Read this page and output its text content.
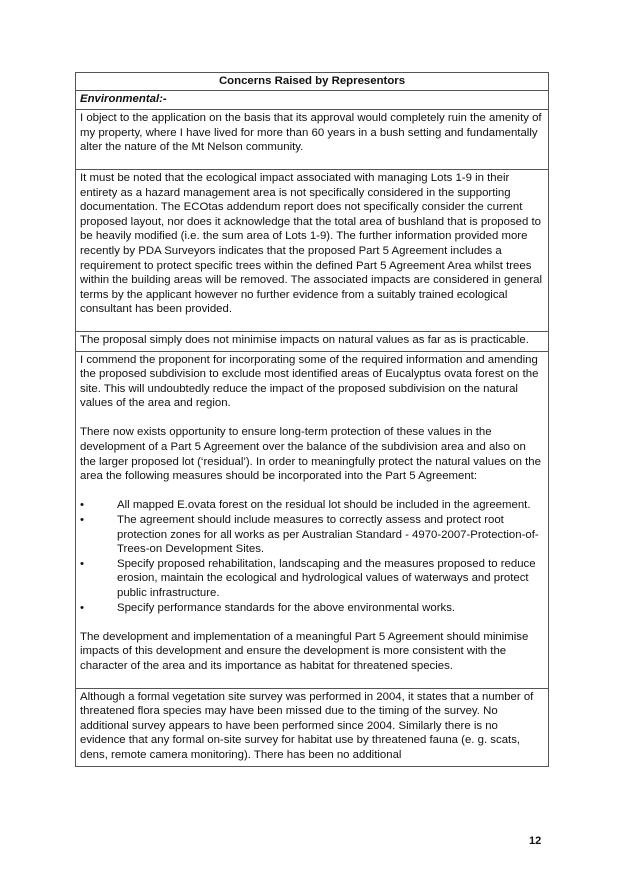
Concerns Raised by Representors
Environmental:-
I object to the application on the basis that its approval would completely ruin the amenity of my property, where I have lived for more than 60 years in a bush setting and fundamentally alter the nature of the Mt Nelson community.
It must be noted that the ecological impact associated with managing Lots 1-9 in their entirety as a hazard management area is not specifically considered in the supporting documentation. The ECOtas addendum report does not specifically consider the current proposed layout, nor does it acknowledge that the total area of bushland that is proposed to be heavily modified (i.e. the sum area of Lots 1-9). The further information provided more recently by PDA Surveyors indicates that the proposed Part 5 Agreement includes a requirement to protect specific trees within the defined Part 5 Agreement Area whilst trees within the building areas will be removed. The associated impacts are considered in general terms by the applicant however no further evidence from a suitably trained ecological consultant has been provided.
The proposal simply does not minimise impacts on natural values as far as is practicable.

I commend the proponent for incorporating some of the required information and amending the proposed subdivision to exclude most identified areas of Eucalyptus ovata forest on the site. This will undoubtedly reduce the impact of the proposed subdivision on the natural values of the area and region.

There now exists opportunity to ensure long-term protection of these values in the development of a Part 5 Agreement over the balance of the subdivision area and also on the larger proposed lot (‘residual’). In order to meaningfully protect the natural values on the area the following measures should be incorporated into the Part 5 Agreement:

•	All mapped E.ovata forest on the residual lot should be included in the agreement.
•	The agreement should include measures to correctly assess and protect root protection zones for all works as per Australian Standard - 4970-2007-Protection-of-Trees-on Development Sites.
•	Specify proposed rehabilitation, landscaping and the measures proposed to reduce erosion, maintain the ecological and hydrological values of waterways and protect public infrastructure.
•	Specify performance standards for the above environmental works.

The development and implementation of a meaningful Part 5 Agreement should minimise impacts of this development and ensure the development is more consistent with the character of the area and its importance as habitat for threatened species.

Although a formal vegetation site survey was performed in 2004, it states that a number of threatened flora species may have been missed due to the timing of the survey. No additional survey appears to have been performed since 2004. Similarly there is no evidence that any formal on-site survey for habitat use by threatened fauna (e. g. scats, dens, remote camera monitoring). There has been no additional
12
